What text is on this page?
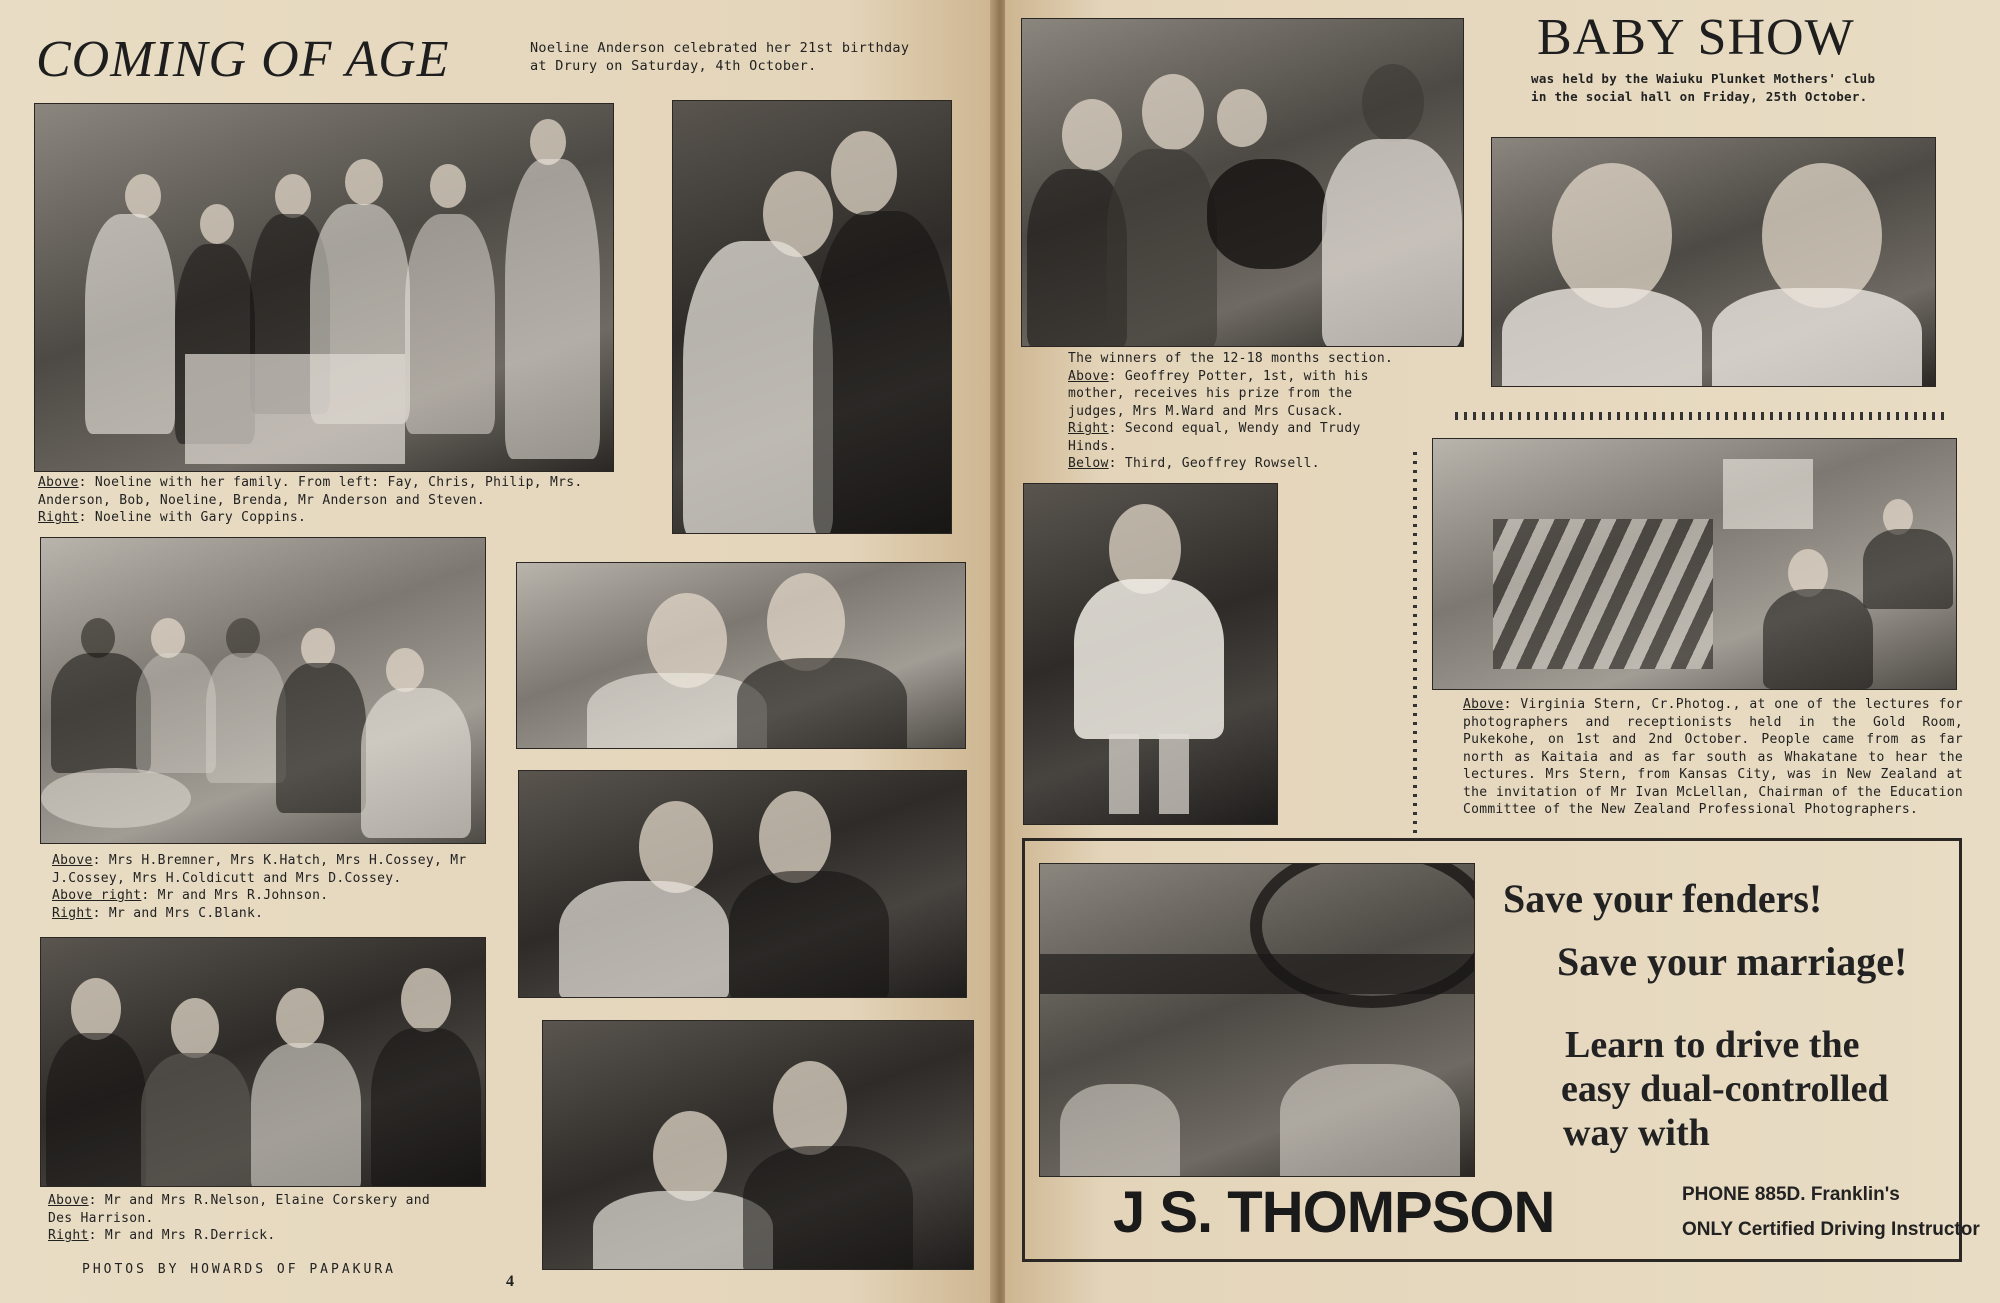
COMING OF AGE	Noeline Anderson celebrated her 21st birthday at Drury on Saturday, 4th October.
Above: Noeline with her family. From left: Fay, Chris, Philip, Mrs. Anderson, Bob, Noeline, Brenda, Mr Anderson and Steven.
Right: Noeline with Gary Coppins.
Above: Mrs H.Bremner, Mrs K.Hatch, Mrs H.Cossey, Mr J.Cossey, Mrs H.Coldicutt and Mrs D.Cossey.
Above right: Mr and Mrs R.Johnson.
Right: Mr and Mrs C.Blank.
Above: Mr and Mrs R.Nelson, Elaine Corskery and Des Harrison.
Right: Mr and Mrs R.Derrick.
PHOTOS BY HOWARDS OF PAPAKURA
4
BABY SHOW
was held by the Waiuku Plunket Mothers' club in the social hall on Friday, 25th October.
The winners of the 12-18 months section.
Above: Geoffrey Potter, 1st, with his mother, receives his prize from the judges, Mrs M.Ward and Mrs Cusack.
Right: Second equal, Wendy and Trudy Hinds.
Below: Third, Geoffrey Rowsell.
Above: Virginia Stern, Cr.Photog., at one of the lectures for photographers and receptionists held in the Gold Room, Pukekohe, on 1st and 2nd October. People came from as far north as Kaitaia and as far south as Whakatane to hear the lectures. Mrs Stern, from Kansas City, was in New Zealand at the invitation of Mr Ivan McLellan, Chairman of the Education Committee of the New Zealand Professional Photographers.
Save your fenders!
Save your marriage!
Learn to drive the
easy dual-controlled
way with
J S. THOMPSON	PHONE 885D. Franklin's
ONLY Certified Driving Instructor
